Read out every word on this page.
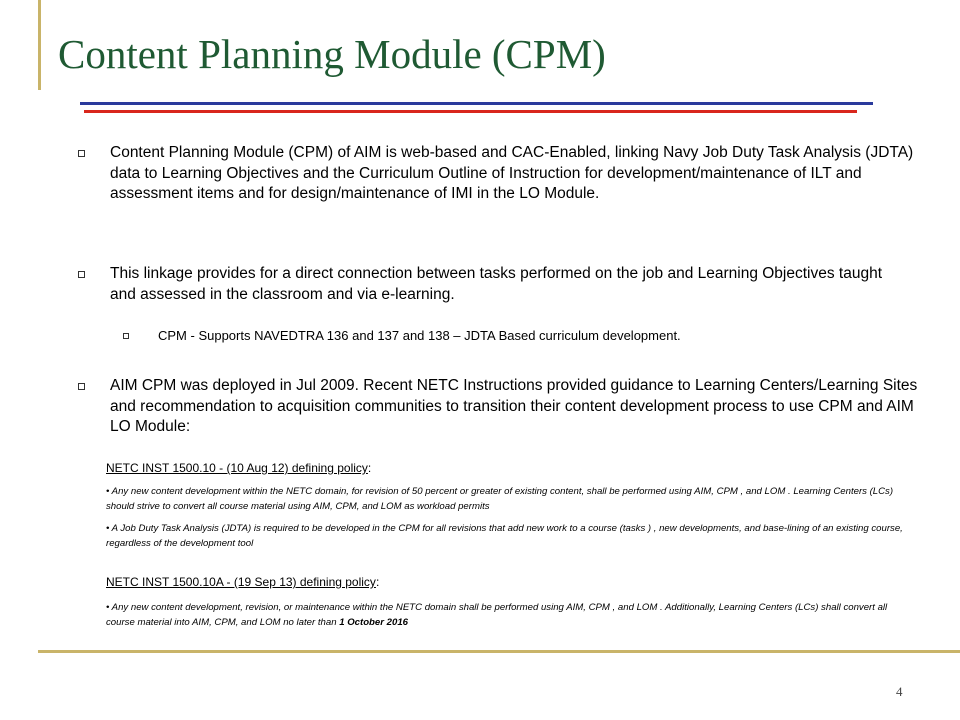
Content Planning Module (CPM)
Content Planning Module (CPM) of AIM is web-based and CAC-Enabled, linking Navy Job Duty Task Analysis (JDTA) data to Learning Objectives and the Curriculum Outline of Instruction for development/maintenance of ILT and assessment items and for design/maintenance of IMI in the LO Module.
This linkage provides for a direct connection between tasks performed on the job and Learning Objectives taught and assessed in the classroom and via e-learning.
CPM - Supports NAVEDTRA 136 and 137 and 138 – JDTA Based curriculum development.
AIM CPM was deployed in Jul 2009. Recent NETC Instructions provided guidance to Learning Centers/Learning Sites and recommendation to acquisition communities to transition their content development process to use CPM and AIM LO Module:
NETC INST 1500.10 - (10 Aug 12) defining policy:
• Any new content development within the NETC domain, for revision of 50 percent or greater of existing content, shall be performed using AIM, CPM , and LOM . Learning Centers (LCs) should strive to convert all course material using AIM, CPM, and LOM as workload permits
• A Job Duty Task Analysis (JDTA) is required to be developed in the CPM for all revisions that add new work to a course (tasks ) , new developments, and base-lining of an existing course, regardless of the development tool
NETC INST 1500.10A - (19 Sep 13) defining policy:
• Any new content development, revision, or maintenance within the NETC domain shall be performed using AIM, CPM , and LOM . Additionally, Learning Centers (LCs) shall convert all course material into AIM, CPM, and LOM no later than 1 October 2016
4
